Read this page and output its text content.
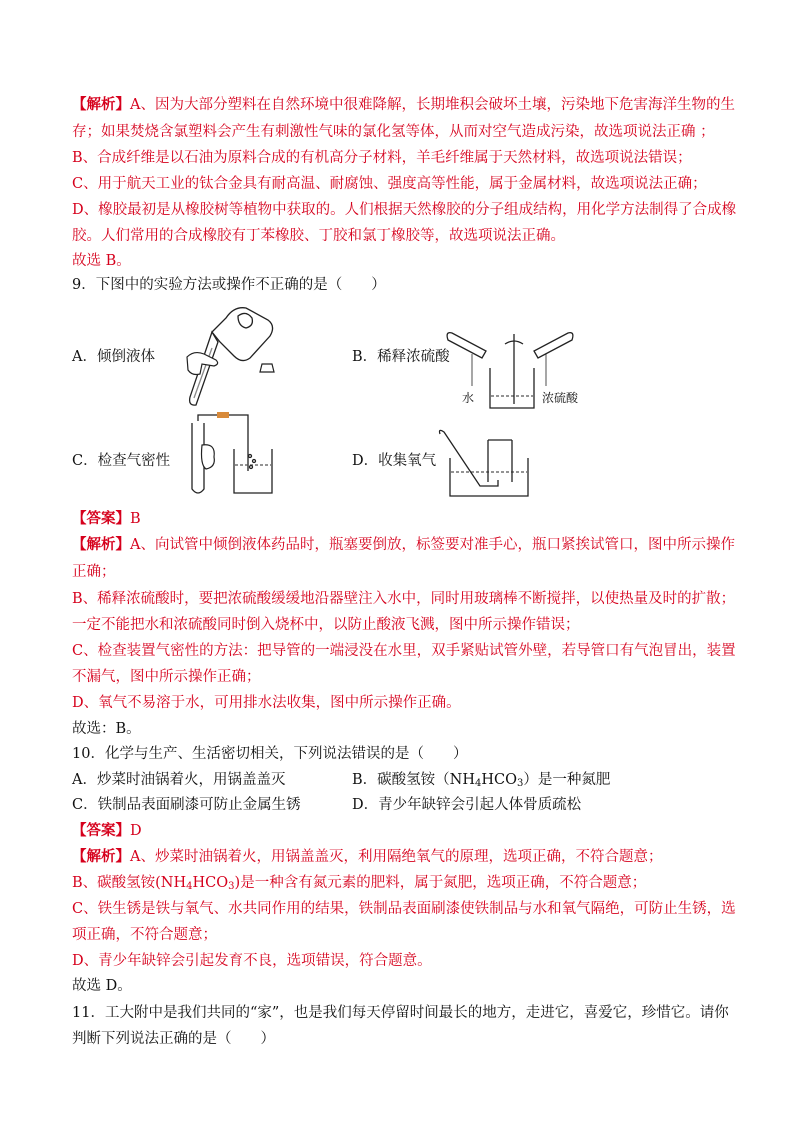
【解析】A、因为大部分塑料在自然环境中很难降解，长期堆积会破坏土壤，污染地下危害海洋生物的生
存；如果焚烧含氯塑料会产生有刺激性气味的氯化氢等体，从而对空气造成污染，故选项说法正确 ；
B、合成纤维是以石油为原料合成的有机高分子材料，羊毛纤维属于天然材料，故选项说法错误；
C、用于航天工业的钛合金具有耐高温、耐腐蚀、强度高等性能，属于金属材料，故选项说法正确；
D、橡胶最初是从橡胶树等植物中获取的。人们根据天然橡胶的分子组成结构，用化学方法制得了合成橡
胶。人们常用的合成橡胶有丁苯橡胶、丁胶和氯丁橡胶等，故选项说法正确。
故选 B。
9．下图中的实验方法或操作不正确的是（　　）
A．倾倒液体	B．稀释浓硫酸
C．检查气密性	D．收集氧气
水	浓硫酸
【答案】B
【解析】A、向试管中倾倒液体药品时，瓶塞要倒放，标签要对准手心，瓶口紧挨试管口，图中所示操作
正确；
B、稀释浓硫酸时，要把浓硫酸缓缓地沿器壁注入水中，同时用玻璃棒不断搅拌，以使热量及时的扩散；
一定不能把水和浓硫酸同时倒入烧杯中，以防止酸液飞溅，图中所示操作错误；
C、检查装置气密性的方法：把导管的一端浸没在水里，双手紧贴试管外壁，若导管口有气泡冒出，装置
不漏气，图中所示操作正确；
D、氧气不易溶于水，可用排水法收集，图中所示操作正确。
故选：B。
10．化学与生产、生活密切相关，下列说法错误的是（　　）
A．炒菜时油锅着火，用锅盖盖灭	B．碳酸氢铵$(NH_4HCO_3)$是一种氮肥
C．铁制品表面刷漆可防止金属生锈	D．青少年缺锌会引起人体骨质疏松
【答案】D
【解析】A、炒菜时油锅着火，用锅盖盖灭，利用隔绝氧气的原理，选项正确，不符合题意；
B、碳酸氢铵$(NH_4HCO_3)$是一种含有氮元素的肥料，属于氮肥，选项正确，不符合题意；
C、铁生锈是铁与氧气、水共同作用的结果，铁制品表面刷漆使铁制品与水和氧气隔绝，可防止生锈，选
项正确，不符合题意；
D、青少年缺锌会引起发育不良，选项错误，符合题意。
故选 D。
11．工大附中是我们共同的“家”，也是我们每天停留时间最长的地方，走进它，喜爱它，珍惜它。请你
判断下列说法正确的是（　　）
